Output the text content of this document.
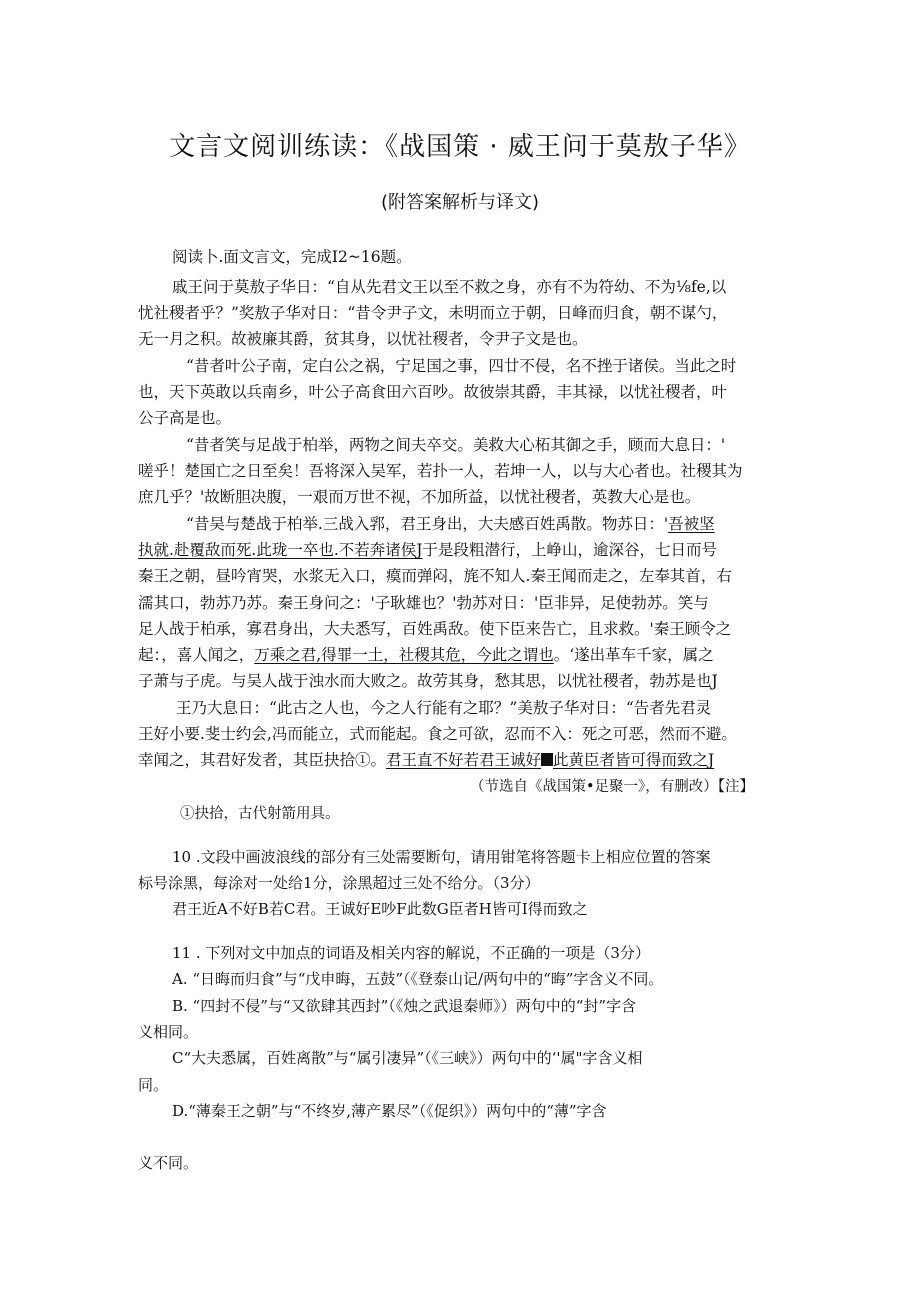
文言文阅训练读：《战国策 · 威王问于莫敖子华》
(附答案解析与译文)
阅读卜.面文言文，完成I2~16题。
戚王问于莫敖子华日：“自从先君文王以至不救之身，亦有不为符幼、不为⅛fe,以
忧社稷者乎？”奖敖子华对日：“昔令尹子文，未明而立于朝，日峰而归食，朝不谋勺，
无一月之积。故被廉其爵，贫其身，以忧社稷者，令尹子文是也。
“昔者叶公子南，定白公之祸，宁足国之事，四廿不侵，名不挫于诸侯。当此之时
也，天下英敢以兵南乡，叶公子高食田六百吵。故彼崇其爵，丰其禄，以忧社稷者，叶
公子高是也。
“昔者笑与足战于柏举，两物之间夫卒交。美救大心柘其御之手，顾而大息日：'
嗟乎！楚国亡之日至矣！吾将深入吴军，若扑一人，若坤一人，以与大心者也。社稷其为
庶几乎？'故断胆决腹，一艰而万世不视，不加所益，以忧社稷者，英教大心是也。
“昔吴与楚战于柏举.三战入郛，君王身出，大夫感百姓禹散。物苏日：'吾被坚
执就.赴覆敌而死.此珑一卒也.不若奔诸侯J于是段粗潜行，上峥山，逾深谷，七日而号
秦王之朝，昼吟宵哭，水浆无入口，瘼而弹闷，旄不知人.秦王闻而走之，左奉其首，右
濡其口，勃苏乃苏。秦王身问之：'子耿雄也？'勃苏对日：'臣非异，足使勃苏。笑与
足人战于柏承，寡君身出，大夫悉写，百姓禹敌。使下臣来告亡，且求救。'秦王顾令之
起：，喜人闻之，万乘之君,得罪一土，社稷其危，今此之谓也。‘遂出革车千家，属之
子萧与子虎。与吴人战于浊水而大败之。故劳其身，愁其思，以忧社稷者，勃苏是也J
王乃大息日：“此古之人也，今之人行能有之耶？”美敖子华对日：“告者先君灵
王好小要.斐士约会,冯而能立，式而能起。食之可欲，忍而不入：死之可恶，然而不避。
幸闻之，其君好发者，其臣抉拾①。君王直不好若君王诚好 此黄臣者皆可得而致之J
（节选自《战国策•足聚一》，有删改）【注】
①抉拾，古代射箭用具。
10 .文段中画波浪线的部分有三处需要断句，请用钳笔将答题卡上相应位置的答案
标号涂黑，每涂对一处给1分，涂黑超过三处不给分。（3分）
君王近A不好B若C君。王诚好E吵F此数G臣者H皆可I得而致之
11 . 下列对文中加点的词语及相关内容的解说，不正确的一项是（3分）
A. “日晦而归食”与“戊申晦，五鼓”（《登泰山记/两句中的“晦”字含义不同。
B. “四封不侵”与“又欲肆其西封”（《烛之武退秦师》）两句中的“封”字含
义相同。
C“大夫悉属，百姓离散”与“属引凄异”（《三峡》）两句中的‘'属"字含义相
同。
D.“薄秦王之朝”与“不终岁,薄产累尽”（《促织》）两句中的“薄”字含
义不同。
